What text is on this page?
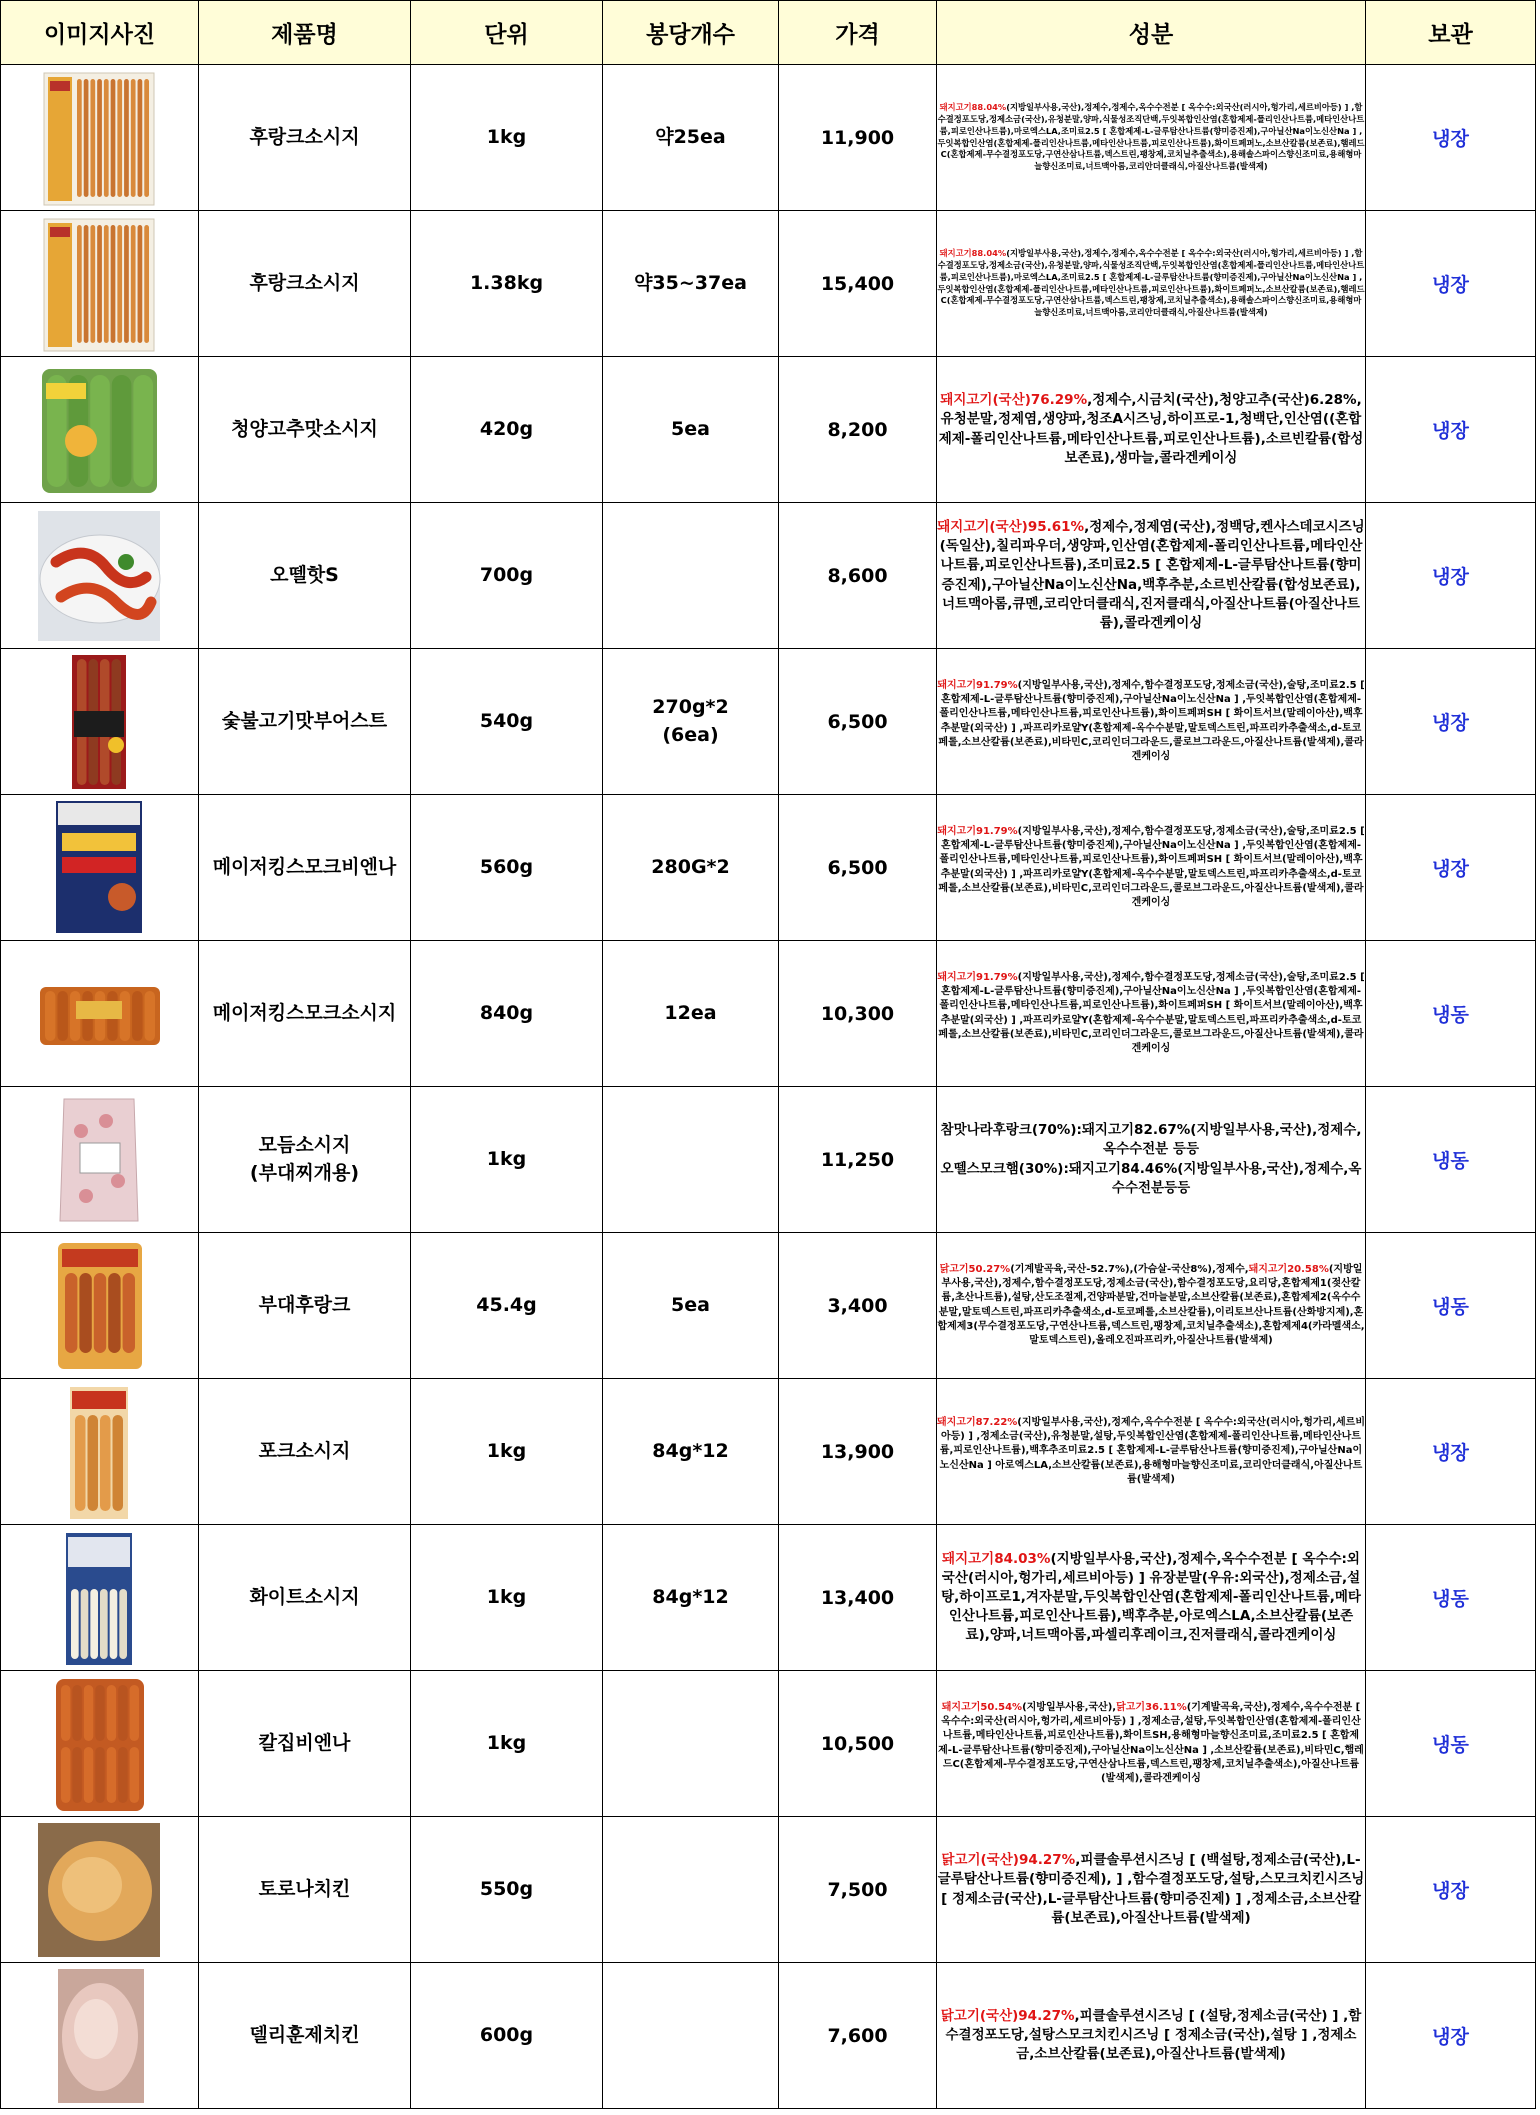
이미지사진	제품명	단위	봉당개수	가격	성분	보관

	후랑크소시지	1kg	약25ea	11,900	돼지고기88.04%(지방일부사용,국산),정제수,정제수,옥수수전분 [ 옥수수:외국산(러시아,헝가리,세르비아등) ] ,함수결정포도당,정제소금(국산),유청분말,양파,식물성조직단백,두잇복합인산염(혼합제제-폴리인산나트륨,메타인산나트륨,피로인산나트륨),마로엑스LA,조미료2.5 [ 혼합제제-L-글루탐산나트륨(향미증진제),구아닐산Na이노신산Na ] ,두잇복합인산염(혼합제제-폴리인산나트륨,메타인산나트륨,피로인산나트륨),화이트페퍼노,소브산칼륨(보존료),햄레드C(혼합제제-무수결정포도당,구연산삼나트륨,덱스트린,팽창제,코치닐추출색소),용해솔스파이스향신조미료,용해형마늘향신조미료,너트맥아롬,코리안더클래식,아질산나트륨(발색제)	냉장

	후랑크소시지	1.38kg	약35~37ea	15,400	돼지고기88.04%(지방일부사용,국산),정제수,정제수,옥수수전분 [ 옥수수:외국산(러시아,헝가리,세르비아등) ] ,함수결정포도당,정제소금(국산),유청분말,양파,식물성조직단백,두잇복합인산염(혼합제제-폴리인산나트륨,메타인산나트륨,피로인산나트륨),마로엑스LA,조미료2.5 [ 혼합제제-L-글루탐산나트륨(향미증진제),구아닐산Na이노신산Na ] ,두잇복합인산염(혼합제제-폴리인산나트륨,메타인산나트륨,피로인산나트륨),화이트페퍼노,소브산칼륨(보존료),햄레드C(혼합제제-무수결정포도당,구연산삼나트륨,덱스트린,팽창제,코치닐추출색소),용해솔스파이스향신조미료,용해형마늘향신조미료,너트맥아롬,코리안더클래식,아질산나트륨(발색제)	냉장

	청양고추맛소시지	420g	5ea	8,200	돼지고기(국산)76.29%,정제수,시금치(국산),청양고추(국산)6.28%,유청분말,정제염,생양파,청조A시즈닝,하이프로-1,청백단,인산염((혼합제제-폴리인산나트륨,메타인산나트륨,피로인산나트륨),소르빈칼륨(합성보존료),생마늘,콜라겐케이싱	냉장

	오뗄핫S	700g		8,600	돼지고기(국산)95.61%,정제수,정제염(국산),정백당,켄사스데코시즈닝(독일산),칠리파우더,생양파,인산염(혼합제제-폴리인산나트륨,메타인산나트륨,피로인산나트륨),조미료2.5 [ 혼합제제-L-글루탐산나트륨(향미증진제),구아닐산Na이노신산Na,백후추분,소르빈산칼륨(합성보존료),너트맥아롬,큐멘,코리안더클래식,진저클래식,아질산나트륨(아질산나트륨),콜라겐케이싱	냉장

	숯불고기맛부어스트	540g	270g*2
(6ea)	6,500	돼지고기91.79%(지방일부사용,국산),정제수,함수결정포도당,정제소금(국산),술탕,조미료2.5 [ 혼합제제-L-글루탐산나트륨(향미증진제),구아닐산Na이노신산Na ] ,두잇복합인산염(혼합제제-폴리인산나트륨,메타인산나트륨,피로인산나트륨),화이트페퍼SH [ 화이트서브(말레이아산),백후추분말(외국산) ] ,파프리카로얄Y(혼합제제-옥수수분말,말토덱스트린,파프리카추출색소,d-토코페롤,소브산칼륨(보존료),비타민C,코리인더그라운드,콜로브그라운드,아질산나트륨(발색제),콜라겐케이싱	냉장

	메이저킹스모크비엔나	560g	280G*2	6,500	돼지고기91.79%(지방일부사용,국산),정제수,함수결정포도당,정제소금(국산),술탕,조미료2.5 [ 혼합제제-L-글루탐산나트륨(향미증진제),구아닐산Na이노신산Na ] ,두잇복합인산염(혼합제제-폴리인산나트륨,메타인산나트륨,피로인산나트륨),화이트페퍼SH [ 화이트서브(말레이아산),백후추분말(외국산) ] ,파프리카로얄Y(혼합제제-옥수수분말,말토덱스트린,파프리카추출색소,d-토코페롤,소브산칼륨(보존료),비타민C,코리인더그라운드,콜로브그라운드,아질산나트륨(발색제),콜라겐케이싱	냉장

	메이저킹스모크소시지	840g	12ea	10,300	돼지고기91.79%(지방일부사용,국산),정제수,함수결정포도당,정제소금(국산),술탕,조미료2.5 [ 혼합제제-L-글루탐산나트륨(향미증진제),구아닐산Na이노신산Na ] ,두잇복합인산염(혼합제제-폴리인산나트륨,메타인산나트륨,피로인산나트륨),화이트페퍼SH [ 화이트서브(말레이아산),백후추분말(외국산) ] ,파프리카로얄Y(혼합제제-옥수수분말,말토덱스트린,파프리카추출색소,d-토코페롤,소브산칼륨(보존료),비타민C,코리인더그라운드,콜로브그라운드,아질산나트륨(발색제),콜라겐케이싱	냉동

	모듬소시지
(부대찌개용)	1kg		11,250	참맛나라후랑크(70%):돼지고기82.67%(지방일부사용,국산),정제수,옥수수전분 등등
오뗄스모크햄(30%):돼지고기84.46%(지방일부사용,국산),정제수,옥수수전분등등	냉동

	부대후랑크	45.4g	5ea	3,400	닭고기50.27%(기계발곡육,국산-52.7%),(가슴살-국산8%),정제수,돼지고기20.58%(지방일부사용,국산),정제수,함수결정포도당,정제소금(국산),함수결정포도당,요리당,혼합제제1(젖산칼륨,초산나트륨),설탕,산도조절제,건양파분말,건마늘분말,소브산칼륨(보존료),혼합제제2(옥수수분말,말토덱스트린,파프리카추출색소,d-토코페롤,소브산칼륨),이리토브산나트륨(산화방지제),혼합제제3(무수결정포도당,구연산나트륨,덱스트린,팽창제,코치닐추출색소),혼합제제4(카라멜색소,말토덱스트린),올레오진파프리카,아질산나트륨(발색제)	냉동

	포크소시지	1kg	84g*12	13,900	돼지고기87.22%(지방일부사용,국산),정제수,옥수수전분 [ 옥수수:외국산(러시아,헝가리,세르비아등) ] ,정제소금(국산),유청분말,설탕,두잇복합인산염(혼합제제-폴리인산나트륨,메타인산나트륨,피로인산나트륨),백후추조미료2.5 [ 혼합제제-L-글루탐산나트륨(향미증진제),구아닐산Na이노신산Na ] 아로엑스LA,소브산칼륨(보존료),용해형마늘향신조미료,코리안더클래식,아질산나트륨(발색제)	냉장

	화이트소시지	1kg	84g*12	13,400	돼지고기84.03%(지방일부사용,국산),정제수,옥수수전분 [ 옥수수:외국산(러시아,헝가리,세르비아등) ] 유장분말(우유:외국산),정제소금,설탕,하이프로1,겨자분말,두잇복합인산염(혼합제제-폴리인산나트륨,메타인산나트륨,피로인산나트륨),백후추분,아로엑스LA,소브산칼륨(보존료),양파,너트맥아롬,파셀리후레이크,진저클래식,콜라겐케이싱	냉동

	칼집비엔나	1kg		10,500	돼지고기50.54%(지방일부사용,국산),닭고기36.11%(기계발곡육,국산),정제수,옥수수전분 [ 옥수수:외국산(러시아,헝가리,세르비아등) ] ,정제소금,설탕,두잇복합인산염(혼합제제-폴리인산나트륨,메타인산나트륨,피로인산나트륨),화이트SH,용해형마늘향신조미료,조미료2.5 [ 혼합제제-L-글루탐산나트륨(향미증진제),구아닐산Na이노신산Na ] ,소브산칼륨(보존료),비타민C,햄레드C(혼합제제-무수결정포도당,구연산삼나트륨,덱스트린,팽창제,코치닐추출색소),아질산나트륨(발색제),콜라겐케이싱	냉동

	토로나치킨	550g		7,500	닭고기(국산)94.27%,피클솔루션시즈닝 [ (백설탕,정제소금(국산),L-글루탐산나트륨(향미증진제), ] ,함수결정포도당,설탕,스모크치킨시즈닝 [ 정제소금(국산),L-글루탐산나트륨(향미증진제) ] ,정제소금,소브산칼륨(보존료),아질산나트륨(발색제)	냉장

	델리훈제치킨	600g		7,600	닭고기(국산)94.27%,피클솔루션시즈닝 [ (설탕,정제소금(국산) ] ,함수결정포도당,설탕스모크치킨시즈닝 [ 정제소금(국산),설탕 ] ,정제소금,소브산칼륨(보존료),아질산나트륨(발색제)	냉장
